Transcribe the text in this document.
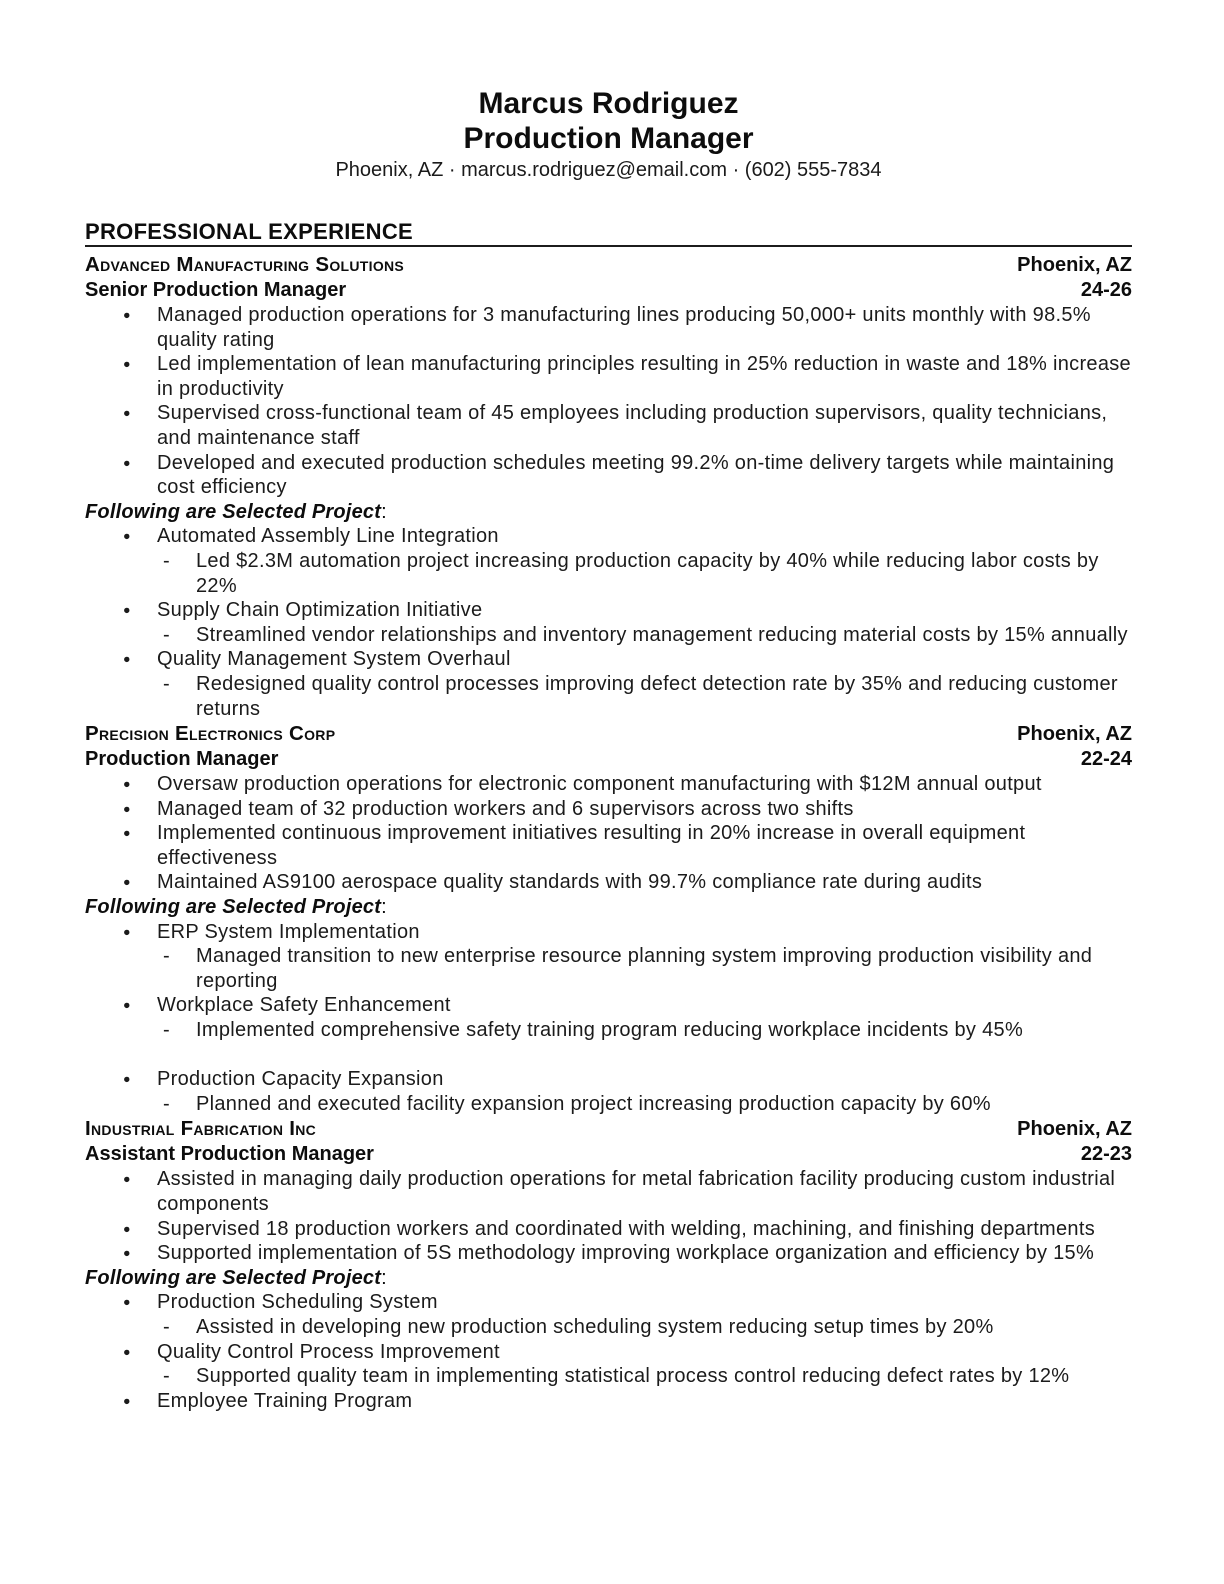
Marcus Rodriguez
Production Manager
Phoenix, AZ · marcus.rodriguez@email.com · (602) 555-7834
PROFESSIONAL EXPERIENCE
Advanced Manufacturing Solutions	Phoenix, AZ
Senior Production Manager	24-26
● Managed production operations for 3 manufacturing lines producing 50,000+ units monthly with 98.5% quality rating
● Led implementation of lean manufacturing principles resulting in 25% reduction in waste and 18% increase in productivity
● Supervised cross-functional team of 45 employees including production supervisors, quality technicians, and maintenance staff
● Developed and executed production schedules meeting 99.2% on-time delivery targets while maintaining cost efficiency
Following are Selected Project:
● Automated Assembly Line Integration
- Led $2.3M automation project increasing production capacity by 40% while reducing labor costs by 22%
● Supply Chain Optimization Initiative
- Streamlined vendor relationships and inventory management reducing material costs by 15% annually
● Quality Management System Overhaul
- Redesigned quality control processes improving defect detection rate by 35% and reducing customer returns
Precision Electronics Corp	Phoenix, AZ
Production Manager	22-24
● Oversaw production operations for electronic component manufacturing with $12M annual output
● Managed team of 32 production workers and 6 supervisors across two shifts
● Implemented continuous improvement initiatives resulting in 20% increase in overall equipment effectiveness
● Maintained AS9100 aerospace quality standards with 99.7% compliance rate during audits
Following are Selected Project:
● ERP System Implementation
- Managed transition to new enterprise resource planning system improving production visibility and reporting
● Workplace Safety Enhancement
- Implemented comprehensive safety training program reducing workplace incidents by 45%
● Production Capacity Expansion
- Planned and executed facility expansion project increasing production capacity by 60%
Industrial Fabrication Inc	Phoenix, AZ
Assistant Production Manager	22-23
● Assisted in managing daily production operations for metal fabrication facility producing custom industrial components
● Supervised 18 production workers and coordinated with welding, machining, and finishing departments
● Supported implementation of 5S methodology improving workplace organization and efficiency by 15%
Following are Selected Project:
● Production Scheduling System
- Assisted in developing new production scheduling system reducing setup times by 20%
● Quality Control Process Improvement
- Supported quality team in implementing statistical process control reducing defect rates by 12%
● Employee Training Program
